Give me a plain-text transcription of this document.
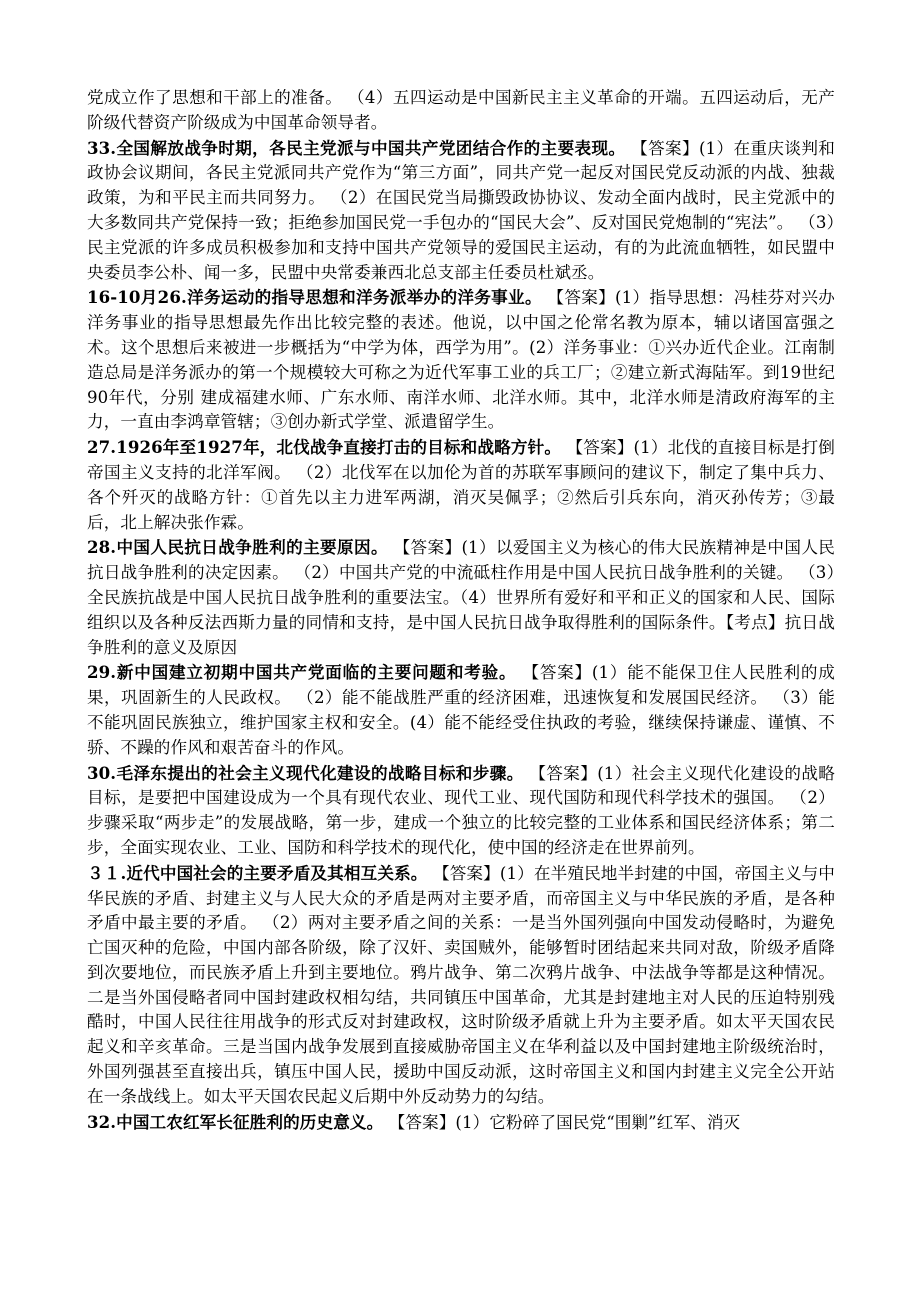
党成立作了思想和干部上的准备。 （4）五四运动是中国新民主主义革命的开端。五四运动后，无产阶级代替资产阶级成为中国革命领导者。

33.全国解放战争时期，各民主党派与中国共产党团结合作的主要表现。 【答案】(1）在重庆谈判和政协会议期间，各民主党派同共产党作为“第三方面”，同共产党一起反对国民党反动派的内战、独裁政策，为和平民主而共同努力。 （2）在国民党当局撕毁政协协议、发动全面内战时，民主党派中的大多数同共产党保持一致；拒绝参加国民党一手包办的“国民大会”、反对国民党炮制的“宪法”。 （3）民主党派的许多成员积极参加和支持中国共产党领导的爱国民主运动，有的为此流血牺牲，如民盟中央委员李公朴、闻一多，民盟中央常委兼西北总支部主任委员杜斌丞。

16-10月26.洋务运动的指导思想和洋务派举办的洋务事业。 【答案】(1）指导思想：冯桂芬对兴办洋务事业的指导思想最先作出比较完整的表述。他说，以中国之伦常名教为原本，辅以诸国富强之术。这个思想后来被进一步概括为“中学为体，西学为用”。(2）洋务事业：①兴办近代企业。江南制造总局是洋务派办的第一个规模较大可称之为近代军事工业的兵工厂；②建立新式海陆军。到19世纪90年代，分别 建成福建水师、广东水师、南洋水师、北洋水师。其中，北洋水师是清政府海军的主力，一直由李鸿章管辖；③创办新式学堂、派遣留学生。

27.1926年至1927年，北伐战争直接打击的目标和战略方针。 【答案】(1）北伐的直接目标是打倒帝国主义支持的北洋军阀。 （2）北伐军在以加伦为首的苏联军事顾问的建议下，制定了集中兵力、各个歼灭的战略方针：①首先以主力进军两湖，消灭吴佩孚；②然后引兵东向，消灭孙传芳；③最后，北上解决张作霖。

28.中国人民抗日战争胜利的主要原因。 【答案】(1）以爱国主义为核心的伟大民族精神是中国人民抗日战争胜利的决定因素。 （2）中国共产党的中流砥柱作用是中国人民抗日战争胜利的关键。 （3）全民族抗战是中国人民抗日战争胜利的重要法宝。（4）世界所有爱好和平和正义的国家和人民、国际组织以及各种反法西斯力量的同情和支持，是中国人民抗日战争取得胜利的国际条件。【考点】抗日战争胜利的意义及原因

29.新中国建立初期中国共产党面临的主要问题和考验。 【答案】(1）能不能保卫住人民胜利的成果，巩固新生的人民政权。 （2）能不能战胜严重的经济困难，迅速恢复和发展国民经济。 （3）能不能巩固民族独立，维护国家主权和安全。(4）能不能经受住执政的考验，继续保持谦虚、谨慎、不骄、不躁的作风和艰苦奋斗的作风。

30.毛泽东提出的社会主义现代化建设的战略目标和步骤。 【答案】(1）社会主义现代化建设的战略目标，是要把中国建设成为一个具有现代农业、现代工业、现代国防和现代科学技术的强国。 （2）步骤采取“两步走”的发展战略，第一步，建成一个独立的比较完整的工业体系和国民经济体系；第二步，全面实现农业、工业、国防和科学技术的现代化，使中国的经济走在世界前列。

３１.近代中国社会的主要矛盾及其相互关系。 【答案】(1）在半殖民地半封建的中国，帝国主义与中华民族的矛盾、封建主义与人民大众的矛盾是两对主要矛盾，而帝国主义与中华民族的矛盾，是各种矛盾中最主要的矛盾。 （2）两对主要矛盾之间的关系：一是当外国列强向中国发动侵略时，为避免亡国灭种的危险，中国内部各阶级，除了汉奸、卖国贼外，能够暂时团结起来共同对敌，阶级矛盾降到次要地位，而民族矛盾上升到主要地位。鸦片战争、第二次鸦片战争、中法战争等都是这种情况。 二是当外国侵略者同中国封建政权相勾结，共同镇压中国革命，尤其是封建地主对人民的压迫特别残酷时，中国人民往往用战争的形式反对封建政权，这时阶级矛盾就上升为主要矛盾。如太平天国农民起义和辛亥革命。三是当国内战争发展到直接威胁帝国主义在华利益以及中国封建地主阶级统治时，外国列强甚至直接出兵，镇压中国人民，援助中国反动派，这时帝国主义和国内封建主义完全公开站在一条战线上。如太平天国农民起义后期中外反动势力的勾结。

32.中国工农红军长征胜利的历史意义。 【答案】(1）它粉碎了国民党“围剿”红军、消灭
